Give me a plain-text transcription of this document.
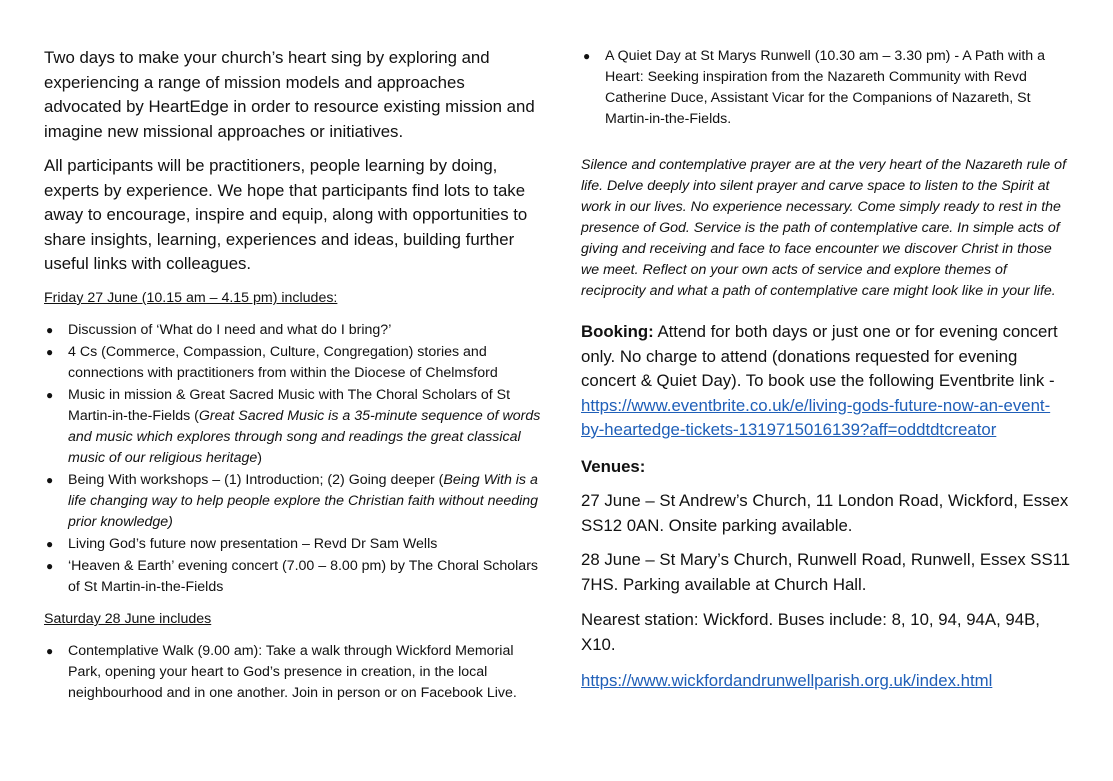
Two days to make your church’s heart sing by exploring and experiencing a range of mission models and approaches advocated by HeartEdge in order to resource existing mission and imagine new missional approaches or initiatives.

All participants will be practitioners, people learning by doing, experts by experience. We hope that participants find lots to take away to encourage, inspire and equip, along with opportunities to share insights, learning, experiences and ideas, building further useful links with colleagues.

Friday 27 June (10.15 am – 4.15 pm) includes:
● Discussion of ‘What do I need and what do I bring?’
● 4 Cs (Commerce, Compassion, Culture, Congregation) stories and connections with practitioners from within the Diocese of Chelmsford
● Music in mission & Great Sacred Music with The Choral Scholars of St Martin-in-the-Fields (Great Sacred Music is a 35-minute sequence of words and music which explores through song and readings the great classical music of our religious heritage)
● Being With workshops – (1) Introduction; (2) Going deeper (Being With is a life changing way to help people explore the Christian faith without needing prior knowledge)
● Living God’s future now presentation – Revd Dr Sam Wells
● ‘Heaven & Earth’ evening concert (7.00 – 8.00 pm) by The Choral Scholars of St Martin-in-the-Fields
Saturday 28 June includes
● Contemplative Walk (9.00 am): Take a walk through Wickford Memorial Park, opening your heart to God’s presence in creation, in the local neighbourhood and in one another. Join in person or on Facebook Live.
● A Quiet Day at St Marys Runwell (10.30 am – 3.30 pm) - A Path with a Heart: Seeking inspiration from the Nazareth Community with Revd Catherine Duce, Assistant Vicar for the Companions of Nazareth, St Martin-in-the-Fields.

Silence and contemplative prayer are at the very heart of the Nazareth rule of life. Delve deeply into silent prayer and carve space to listen to the Spirit at work in our lives. No experience necessary. Come simply ready to rest in the presence of God. Service is the path of contemplative care. In simple acts of giving and receiving and face to face encounter we discover Christ in those we meet. Reflect on your own acts of service and explore themes of reciprocity and what a path of contemplative care might look like in your life.

Booking: Attend for both days or just one or for evening concert only. No charge to attend (donations requested for evening concert & Quiet Day). To book use the following Eventbrite link - https://www.eventbrite.co.uk/e/living-gods-future-now-an-event-by-heartedge-tickets-1319715016139?aff=oddtdtcreator

Venues:

27 June – St Andrew’s Church, 11 London Road, Wickford, Essex SS12 0AN. Onsite parking available.

28 June – St Mary’s Church, Runwell Road, Runwell, Essex SS11 7HS. Parking available at Church Hall.

Nearest station: Wickford. Buses include: 8, 10, 94, 94A, 94B, X10.

https://www.wickfordandrunwellparish.org.uk/index.html
